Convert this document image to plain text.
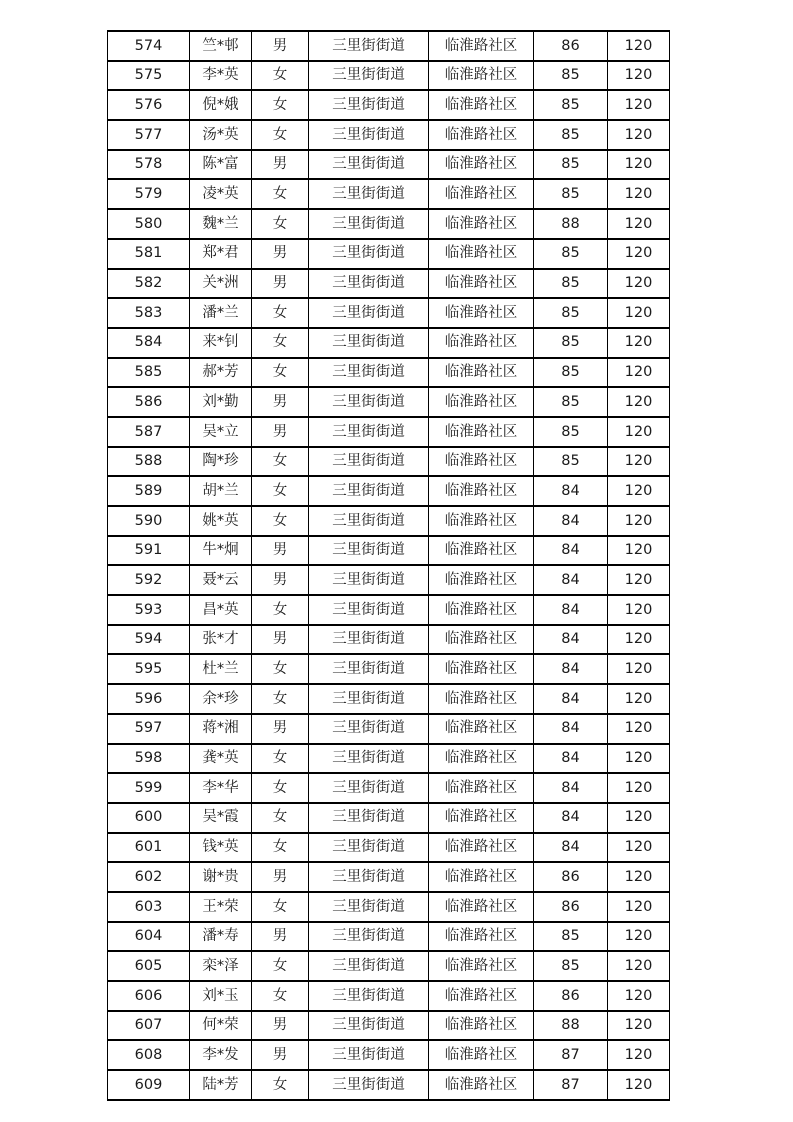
574	竺*邨	男	三里街街道	临淮路社区	86	120
575	李*英	女	三里街街道	临淮路社区	85	120
576	倪*娥	女	三里街街道	临淮路社区	85	120
577	汤*英	女	三里街街道	临淮路社区	85	120
578	陈*富	男	三里街街道	临淮路社区	85	120
579	凌*英	女	三里街街道	临淮路社区	85	120
580	魏*兰	女	三里街街道	临淮路社区	88	120
581	郑*君	男	三里街街道	临淮路社区	85	120
582	关*洲	男	三里街街道	临淮路社区	85	120
583	潘*兰	女	三里街街道	临淮路社区	85	120
584	来*钊	女	三里街街道	临淮路社区	85	120
585	郝*芳	女	三里街街道	临淮路社区	85	120
586	刘*勤	男	三里街街道	临淮路社区	85	120
587	吴*立	男	三里街街道	临淮路社区	85	120
588	陶*珍	女	三里街街道	临淮路社区	85	120
589	胡*兰	女	三里街街道	临淮路社区	84	120
590	姚*英	女	三里街街道	临淮路社区	84	120
591	牛*炯	男	三里街街道	临淮路社区	84	120
592	聂*云	男	三里街街道	临淮路社区	84	120
593	昌*英	女	三里街街道	临淮路社区	84	120
594	张*才	男	三里街街道	临淮路社区	84	120
595	杜*兰	女	三里街街道	临淮路社区	84	120
596	余*珍	女	三里街街道	临淮路社区	84	120
597	蒋*湘	男	三里街街道	临淮路社区	84	120
598	龚*英	女	三里街街道	临淮路社区	84	120
599	李*华	女	三里街街道	临淮路社区	84	120
600	吴*霞	女	三里街街道	临淮路社区	84	120
601	钱*英	女	三里街街道	临淮路社区	84	120
602	谢*贵	男	三里街街道	临淮路社区	86	120
603	王*荣	女	三里街街道	临淮路社区	86	120
604	潘*寿	男	三里街街道	临淮路社区	85	120
605	栾*泽	女	三里街街道	临淮路社区	85	120
606	刘*玉	女	三里街街道	临淮路社区	86	120
607	何*荣	男	三里街街道	临淮路社区	88	120
608	李*发	男	三里街街道	临淮路社区	87	120
609	陆*芳	女	三里街街道	临淮路社区	87	120
